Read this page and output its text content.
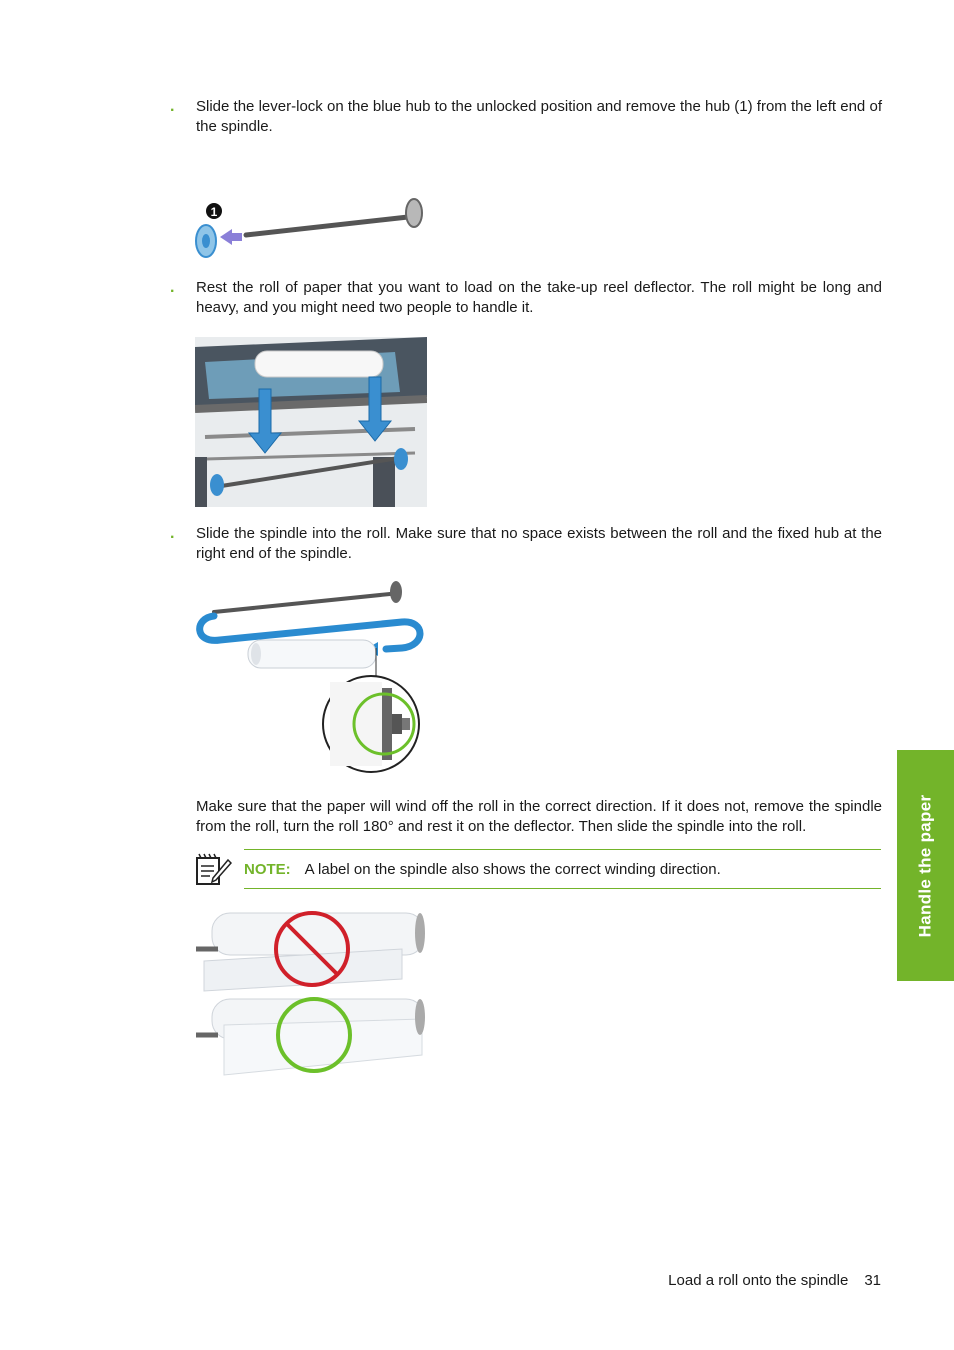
. Slide the lever-lock on the blue hub to the unlocked position and remove the hub (1) from the left end of the spindle.
1
. Rest the roll of paper that you want to load on the take-up reel deflector. The roll might be long and heavy, and you might need two people to handle it.
. Slide the spindle into the roll. Make sure that no space exists between the roll and the fixed hub at the right end of the spindle.
Make sure that the paper will wind off the roll in the correct direction. If it does not, remove the spindle from the roll, turn the roll 180° and rest it on the deflector. Then slide the spindle into the roll.
NOTE: A label on the spindle also shows the correct winding direction.	Handle the paper
Load a roll onto the spindle 31
